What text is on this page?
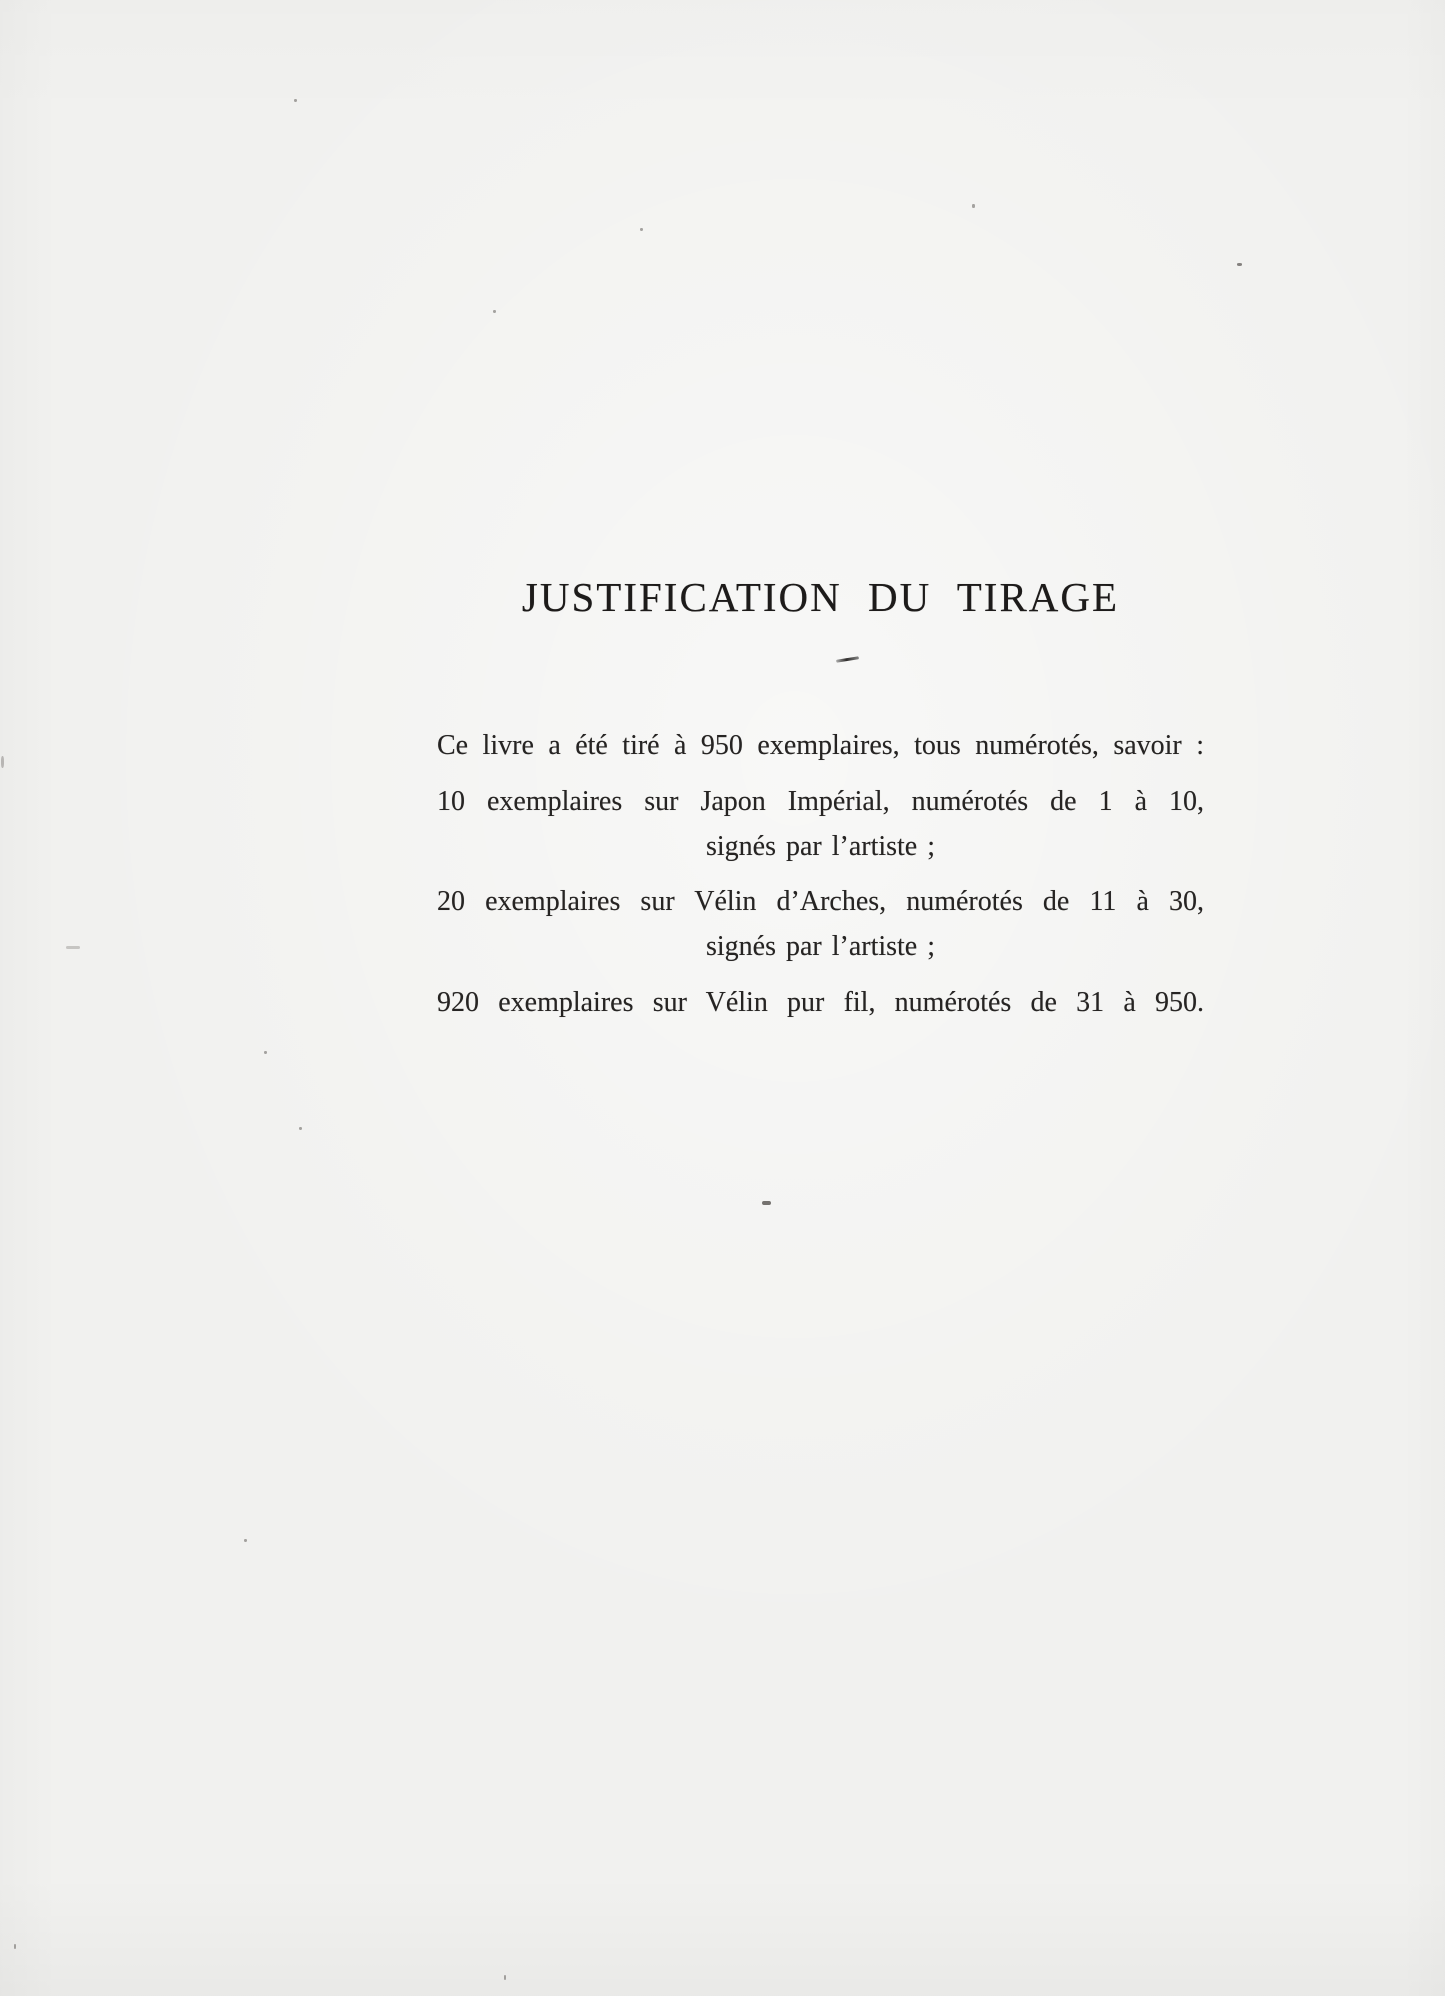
JUSTIFICATION DU TIRAGE

Ce livre a été tiré à 950 exemplaires, tous numérotés, savoir :

10 exemplaires sur Japon Impérial, numérotés de 1 à 10,

signés par l’artiste ;

20 exemplaires sur Vélin d’Arches, numérotés de 11 à 30,

signés par l’artiste ;

920 exemplaires sur Vélin pur fil, numérotés de 31 à 950.
